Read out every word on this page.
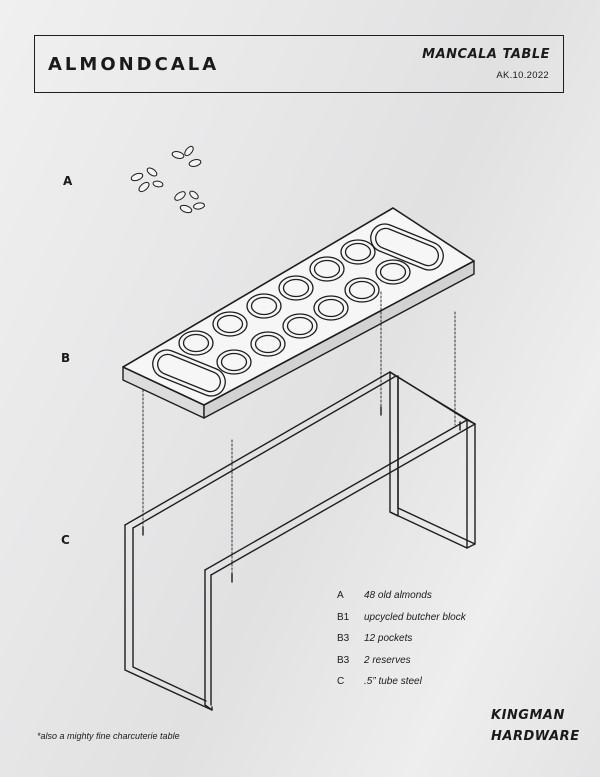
ALMONDCALA	MANCALA TABLE
AK.10.2022
A
B
C
A	48 old almonds
B1	upcycled butcher block
B3	12 pockets
B3	2 reserves
C	.5” tube steel
*also a mighty fine charcuterie table
KINGMAN
HARDWARE
